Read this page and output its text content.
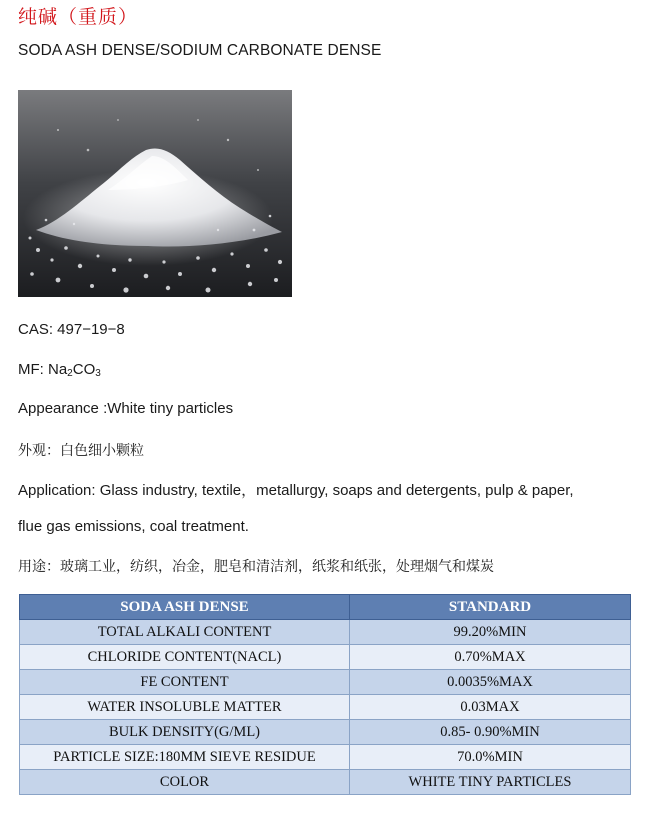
纯碱（重质）
SODA ASH DENSE/SODIUM CARBONATE DENSE
CAS: 497−19−8
MF: $Na_2CO_3$
Appearance :White tiny particles
外观：白色细小颗粒
Application: Glass industry, textile，metallurgy, soaps and detergents, pulp & paper,
flue gas emissions, coal treatment.
用途：玻璃工业，纺织，冶金，肥皂和清洁剂，纸浆和纸张，处理烟气和煤炭
SODA ASH DENSE	STANDARD
TOTAL ALKALI CONTENT	99.20%MIN
CHLORIDE CONTENT(NACL)	0.70%MAX
FE CONTENT	0.0035%MAX
WATER INSOLUBLE MATTER	0.03MAX
BULK DENSITY(G/ML)	0.85- 0.90%MIN
PARTICLE SIZE:180MM SIEVE RESIDUE	70.0%MIN
COLOR	WHITE TINY PARTICLES
